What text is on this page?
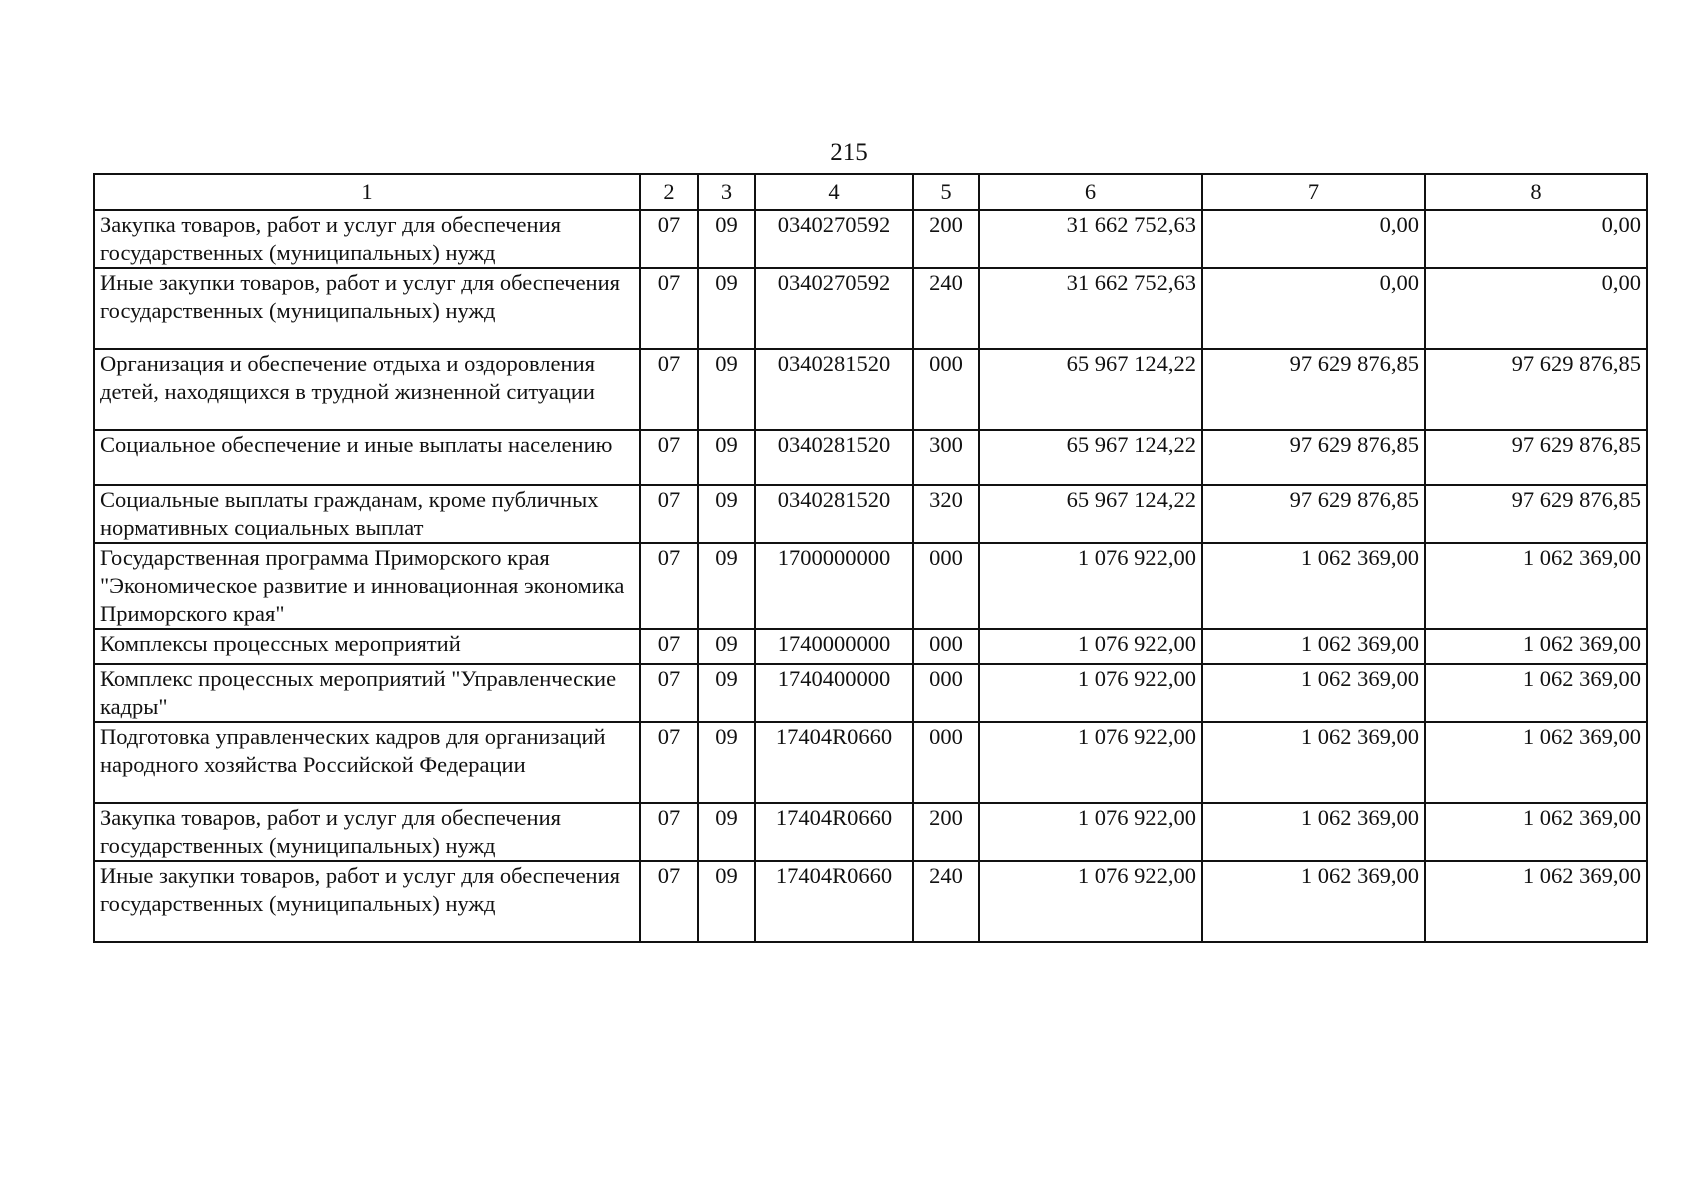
215
1	2	3	4	5	6	7	8
Закупка товаров, работ и услуг для обеспечения государственных (муниципальных) нужд	07	09	0340270592	200	31 662 752,63	0,00	0,00
Иные закупки товаров, работ и услуг для обеспечения государственных (муниципальных) нужд	07	09	0340270592	240	31 662 752,63	0,00	0,00
Организация и обеспечение отдыха и оздоровления детей, находящихся в трудной жизненной ситуации	07	09	0340281520	000	65 967 124,22	97 629 876,85	97 629 876,85
Социальное обеспечение и иные выплаты населению	07	09	0340281520	300	65 967 124,22	97 629 876,85	97 629 876,85
Социальные выплаты гражданам, кроме публичных нормативных социальных выплат	07	09	0340281520	320	65 967 124,22	97 629 876,85	97 629 876,85
Государственная программа Приморского края "Экономическое развитие и инновационная экономика Приморского края"	07	09	1700000000	000	1 076 922,00	1 062 369,00	1 062 369,00
Комплексы процессных мероприятий	07	09	1740000000	000	1 076 922,00	1 062 369,00	1 062 369,00
Комплекс процессных мероприятий "Управленческие кадры"	07	09	1740400000	000	1 076 922,00	1 062 369,00	1 062 369,00
Подготовка управленческих кадров для организаций народного хозяйства Российской Федерации	07	09	17404R0660	000	1 076 922,00	1 062 369,00	1 062 369,00
Закупка товаров, работ и услуг для обеспечения государственных (муниципальных) нужд	07	09	17404R0660	200	1 076 922,00	1 062 369,00	1 062 369,00
Иные закупки товаров, работ и услуг для обеспечения государственных (муниципальных) нужд	07	09	17404R0660	240	1 076 922,00	1 062 369,00	1 062 369,00
